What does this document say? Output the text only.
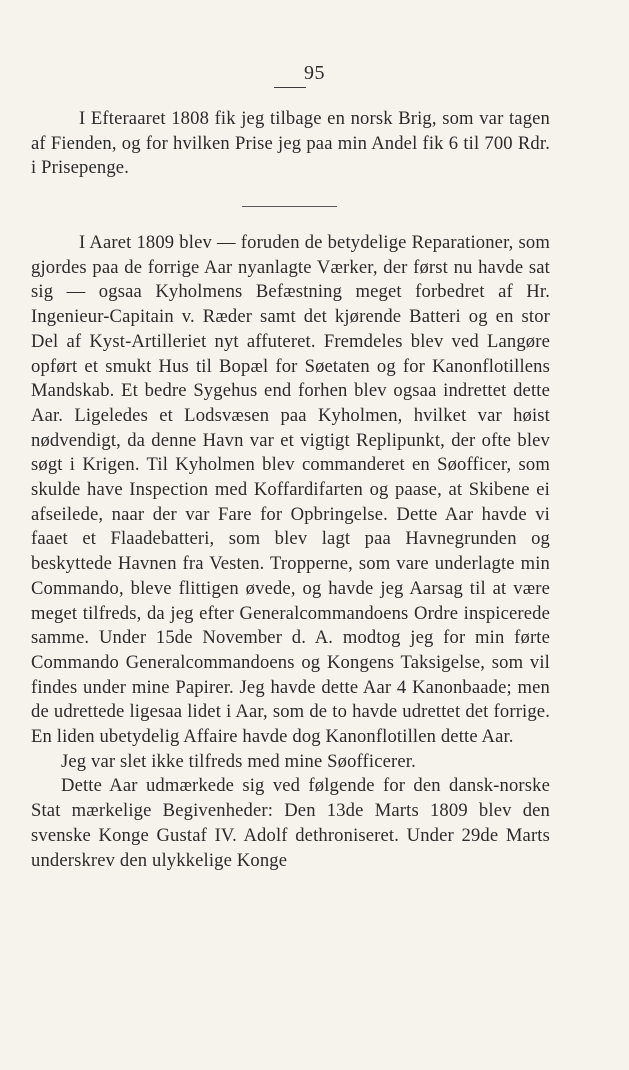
95

I Efteraaret 1808 fik jeg tilbage en norsk Brig, som var tagen af Fienden, og for hvilken Prise jeg paa min Andel fik 6 til 700 Rdr. i Prisepenge.

I Aaret 1809 blev — foruden de betydelige Reparationer, som gjordes paa de forrige Aar nyanlagte Værker, der først nu havde sat sig — ogsaa Kyholmens Befæstning meget forbedret af Hr. Ingenieur-Capitain v. Ræder samt det kjørende Batteri og en stor Del af Kyst-Artilleriet nyt affuteret. Fremdeles blev ved Langøre opført et smukt Hus til Bopæl for Søetaten og for Kanonflotillens Mandskab. Et bedre Sygehus end forhen blev ogsaa indrettet dette Aar. Ligeledes et Lodsvæsen paa Kyholmen, hvilket var høist nødvendigt, da denne Havn var et vigtigt Replipunkt, der ofte blev søgt i Krigen. Til Kyholmen blev commanderet en Søofficer, som skulde have Inspection med Koffardifarten og paase, at Skibene ei afseilede, naar der var Fare for Opbringelse. Dette Aar havde vi faaet et Flaadebatteri, som blev lagt paa Havnegrunden og beskyttede Havnen fra Vesten. Tropperne, som vare underlagte min Commando, bleve flittigen øvede, og havde jeg Aarsag til at være meget tilfreds, da jeg efter Generalcommandoens Ordre inspicerede samme. Under 15de November d. A. modtog jeg for min førte Commando Generalcommandoens og Kongens Taksigelse, som vil findes under mine Papirer. Jeg havde dette Aar 4 Kanonbaade; men de udrettede ligesaa lidet i Aar, som de to havde udrettet det forrige. En liden ubetydelig Affaire havde dog Kanonflotillen dette Aar.

Jeg var slet ikke tilfreds med mine Søofficerer.

Dette Aar udmærkede sig ved følgende for den dansk-norske Stat mærkelige Begivenheder: Den 13de Marts 1809 blev den svenske Konge Gustaf IV. Adolf dethroniseret. Under 29de Marts underskrev den ulykkelige Konge
